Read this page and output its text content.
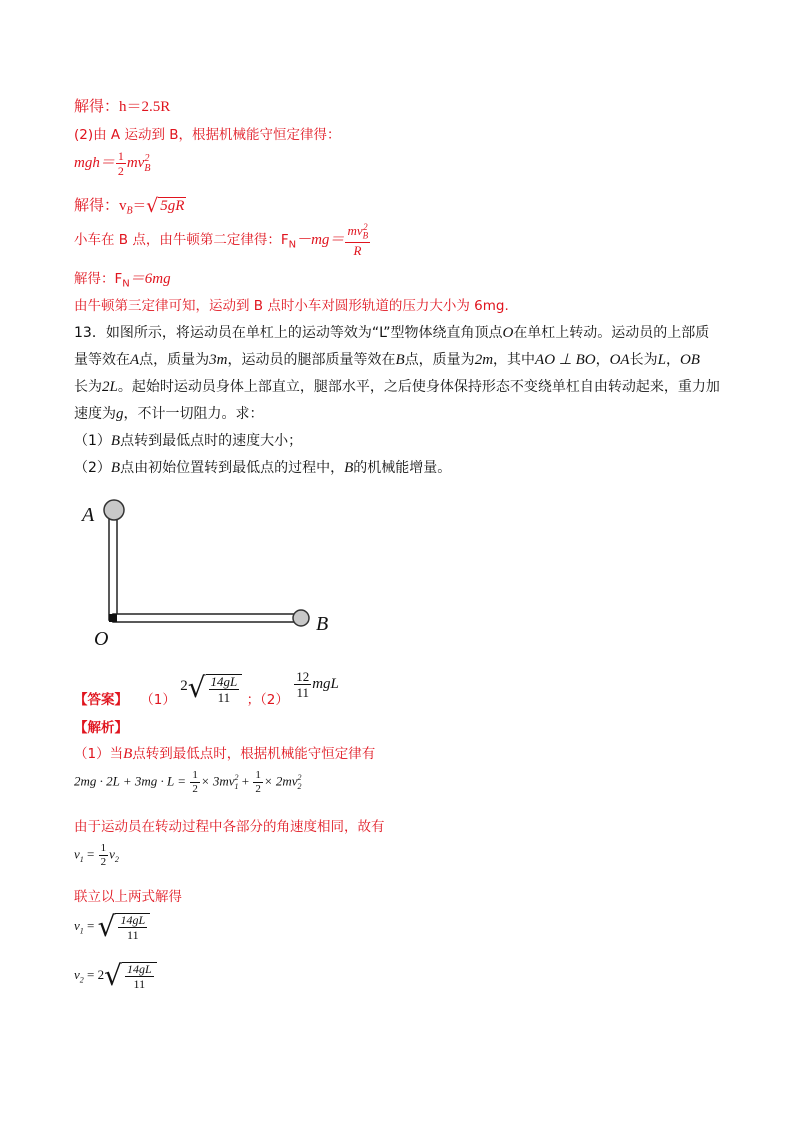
解得：h＝2.5R
(2)由 A 运动到 B，根据机械能守恒定律得：
$mgh= \frac{1}{2} mv_B^2$
解得：$v_B=$ √ 5gR
小车在 B 点，由牛顿第二定律得：$F_N-mg= \frac{mv_B^2}{R}$
解得：$F_N=6mg$
由牛顿第三定律可知，运动到 B 点时小车对圆形轨道的压力大小为 6mg.
13．如图所示，将运动员在单杠上的运动等效为“L”型物体绕直角顶点O在单杠上转动。运动员的上部质
量等效在A点，质量为3m，运动员的腿部质量等效在B点，质量为2m，其中AO ⊥ BO，OA长为L，OB
长为2L。起始时运动员身体上部直立，腿部水平，之后使身体保持形态不变绕单杠自由转动起来，重力加
速度为g，不计一切阻力。求：
（1）B点转到最低点时的速度大小；
（2）B点由初始位置转到最低点的过程中，B的机械能增量。
A
B
O
【答案】 （1）
2 √ $\frac{14gL}{11}$ ；（2）
$\frac{12}{11}$ mgL
【解析】
（1）当B点转到最低点时，根据机械能守恒定律有
$2mg \cdot 2L + 3mg \cdot L = \frac{1}{2} \times 3mv_1^2 + \frac{1}{2} \times 2mv_2^2$
由于运动员在转动过程中各部分的角速度相同，故有
$v_1 = \frac{1}{2} v_2$
联立以上两式解得
$v_1$ = √ $\frac{14gL}{11}$
$v_2 = 2$ √ $\frac{14gL}{11}$
